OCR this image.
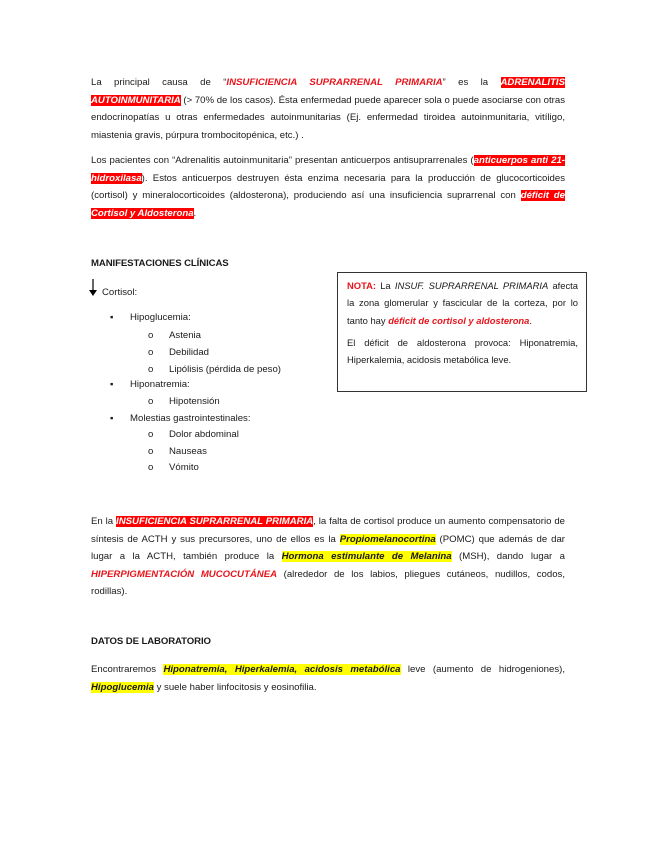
La principal causa de “INSUFICIENCIA SUPRARRENAL PRIMARIA” es la ADRENALITIS AUTOINMUNITARIA (> 70% de los casos). Ésta enfermedad puede aparecer sola o puede asociarse con otras endocrinopatías u otras enfermedades autoinmunitarias (Ej. enfermedad tiroidea autoinmunitaria, vitíligo, miastenia gravis, púrpura trombocitopénica, etc.) .

Los pacientes con “Adrenalitis autoinmunitaria” presentan anticuerpos antisuprarrenales (anticuerpos anti 21-hidroxilasa). Estos anticuerpos destruyen ésta enzima necesaria para la producción de glucocorticoides (cortisol) y mineralocorticoides (aldosterona), produciendo así una insuficiencia suprarrenal con déficit de Cortisol y Aldosterona.

MANIFESTACIONES CLÍNICAS

Cortisol:
▪ Hipoglucemia:
o Astenia
o Debilidad
o Lipólisis (pérdida de peso)
▪ Hiponatremia:
o Hipotensión
▪ Molestias gastrointestinales:
o Dolor abdominal
o Nauseas
o Vómito

NOTA: La INSUF. SUPRARRENAL PRIMARIA afecta la zona glomerular y fascicular de la corteza, por lo tanto hay déficit de cortisol y aldosterona.

El déficit de aldosterona provoca: Hiponatremia, Hiperkalemia, acidosis metabólica leve.

En la INSUFICIENCIA SUPRARRENAL PRIMARIA, la falta de cortisol produce un aumento compensatorio de síntesis de ACTH y sus precursores, uno de ellos es la Propiomelanocortina (POMC) que además de dar lugar a la ACTH, también produce la Hormona estimulante de Melanina (MSH), dando lugar a HIPERPIGMENTACIÓN MUCOCUTÁNEA (alrededor de los labios, pliegues cutáneos, nudillos, codos, rodillas).

DATOS DE LABORATORIO

Encontraremos Hiponatremia, Hiperkalemia, acidosis metabólica leve (aumento de hidrogeniones), Hipoglucemia y suele haber linfocitosis y eosinofilia.
